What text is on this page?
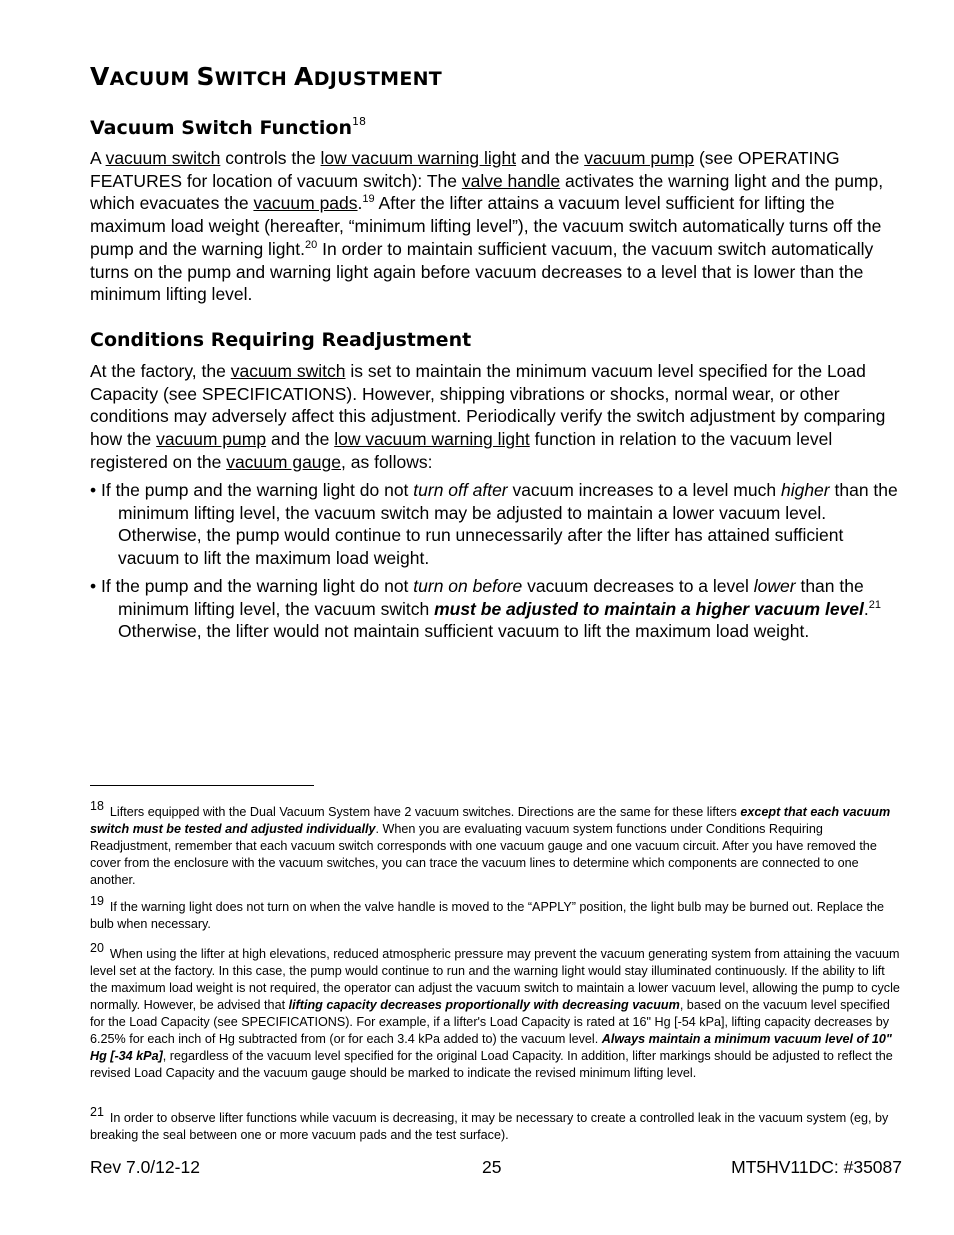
VACUUM SWITCH ADJUSTMENT
Vacuum Switch Function$^{18}$

A vacuum switch controls the low vacuum warning light and the vacuum pump (see OPERATING FEATURES for location of vacuum switch): The valve handle activates the warning light and the pump, which evacuates the vacuum pads.$^{19}$ After the lifter attains a vacuum level sufficient for lifting the maximum load weight (hereafter, “minimum lifting level”), the vacuum switch automatically turns off the pump and the warning light.$^{20}$ In order to maintain sufficient vacuum, the vacuum switch automatically turns on the pump and warning light again before vacuum decreases to a level that is lower than the minimum lifting level.

Conditions Requiring Readjustment

At the factory, the vacuum switch is set to maintain the minimum vacuum level specified for the Load Capacity (see SPECIFICATIONS). However, shipping vibrations or shocks, normal wear, or other conditions may adversely affect this adjustment. Periodically verify the switch adjustment by comparing how the vacuum pump and the low vacuum warning light function in relation to the vacuum level registered on the vacuum gauge, as follows:

• If the pump and the warning light do not turn off after vacuum increases to a level much higher than the minimum lifting level, the vacuum switch may be adjusted to maintain a lower vacuum level. Otherwise, the pump would continue to run unnecessarily after the lifter has attained sufficient vacuum to lift the maximum load weight.

• If the pump and the warning light do not turn on before vacuum decreases to a level lower than the minimum lifting level, the vacuum switch must be adjusted to maintain a higher vacuum level.$^{21}$ Otherwise, the lifter would not maintain sufficient vacuum to lift the maximum load weight.

18 Lifters equipped with the Dual Vacuum System have 2 vacuum switches. Directions are the same for these lifters except that each vacuum switch must be tested and adjusted individually. When you are evaluating vacuum system functions under Conditions Requiring Readjustment, remember that each vacuum switch corresponds with one vacuum gauge and one vacuum circuit. After you have removed the cover from the enclosure with the vacuum switches, you can trace the vacuum lines to determine which components are connected to one another.

19 If the warning light does not turn on when the valve handle is moved to the “APPLY” position, the light bulb may be burned out. Replace the bulb when necessary.

20 When using the lifter at high elevations, reduced atmospheric pressure may prevent the vacuum generating system from attaining the vacuum level set at the factory. In this case, the pump would continue to run and the warning light would stay illuminated continuously. If the ability to lift the maximum load weight is not required, the operator can adjust the vacuum switch to maintain a lower vacuum level, allowing the pump to cycle normally. However, be advised that lifting capacity decreases proportionally with decreasing vacuum, based on the vacuum level specified for the Load Capacity (see SPECIFICATIONS). For example, if a lifter's Load Capacity is rated at 16" Hg [-54 kPa], lifting capacity decreases by 6.25% for each inch of Hg subtracted from (or for each 3.4 kPa added to) the vacuum level. Always maintain a minimum vacuum level of 10" Hg [-34 kPa], regardless of the vacuum level specified for the original Load Capacity. In addition, lifter markings should be adjusted to reflect the revised Load Capacity and the vacuum gauge should be marked to indicate the revised minimum lifting level.

21 In order to observe lifter functions while vacuum is decreasing, it may be necessary to create a controlled leak in the vacuum system (eg, by breaking the seal between one or more vacuum pads and the test surface).

Rev 7.0/12-12	25	MT5HV11DC: #35087
